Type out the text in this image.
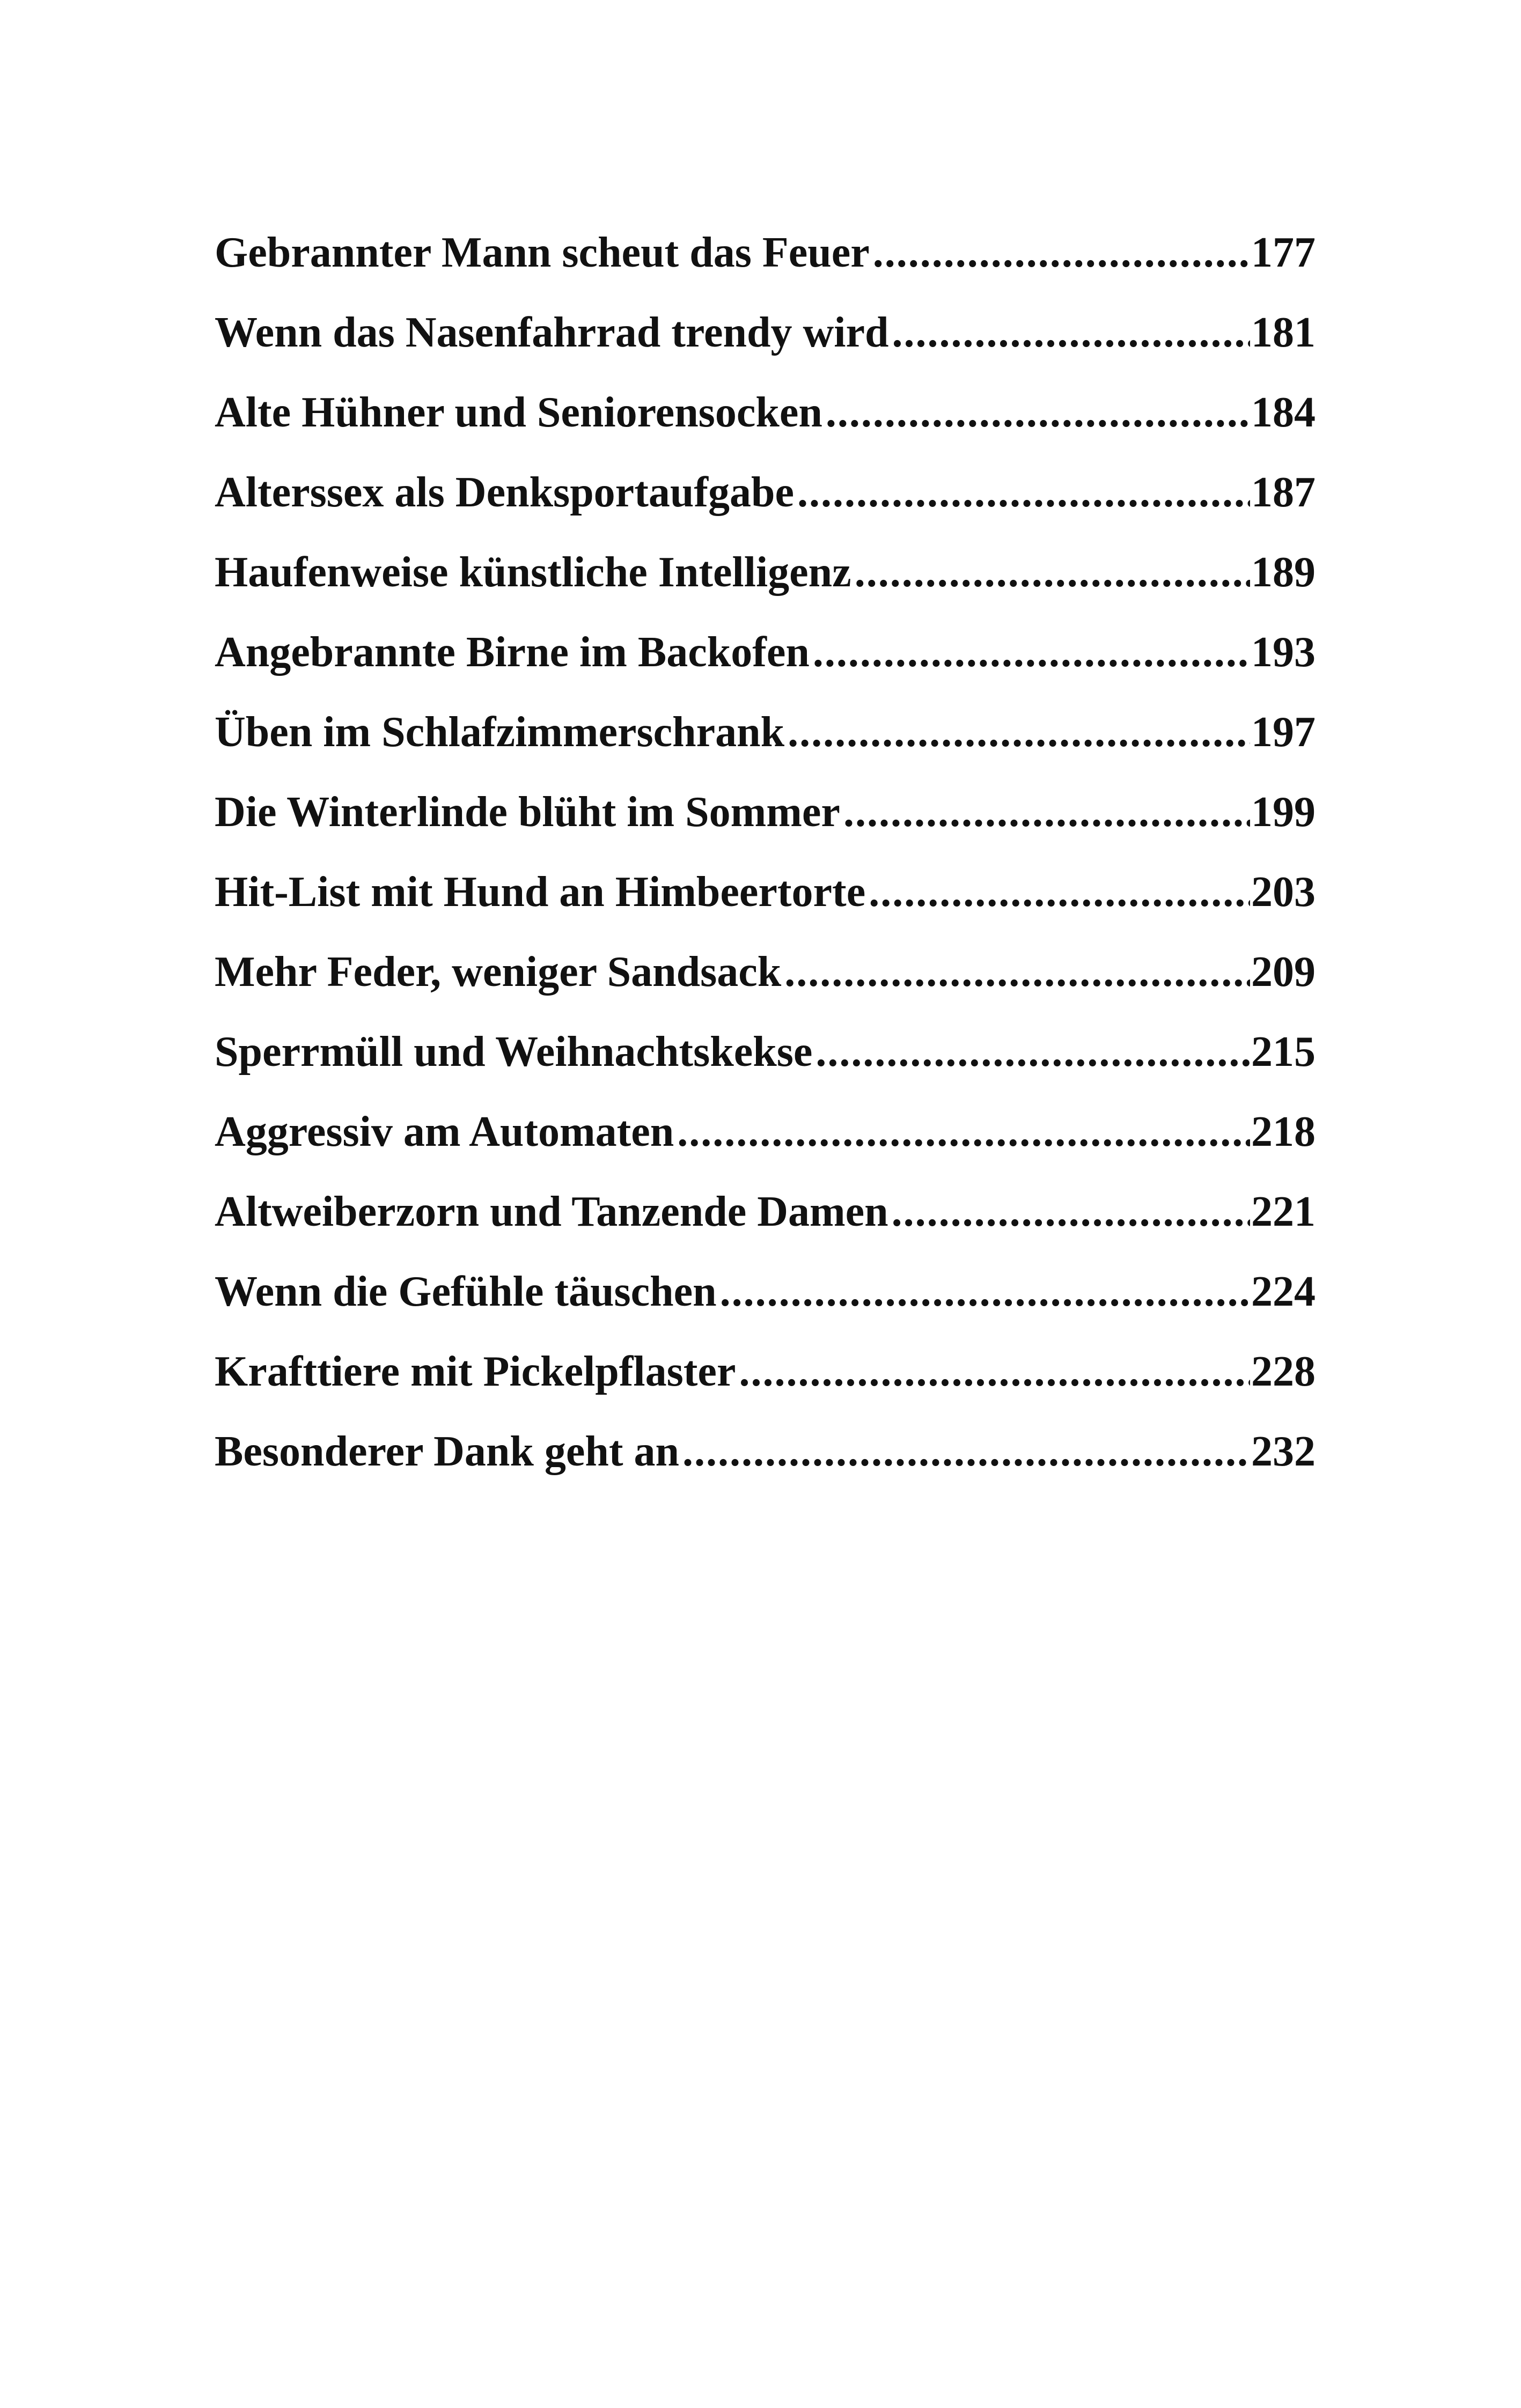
Gebrannter Mann scheut das Feuer .....	177
Wenn das Nasenfahrrad trendy wird .....	181
Alte Hühner und Seniorensocken .....	184
Alterssex als Denksportaufgabe .....	187
Haufenweise künstliche Intelligenz .....	189
Angebrannte Birne im Backofen .....	193
Üben im Schlafzimmerschrank .....	197
Die Winterlinde blüht im Sommer .....	199
Hit-List mit Hund an Himbeertorte .....	203
Mehr Feder, weniger Sandsack .....	209
Sperrmüll und Weihnachtskekse .....	215
Aggressiv am Automaten .....	218
Altweiberzorn und Tanzende Damen .....	221
Wenn die Gefühle täuschen .....	224
Krafttiere mit Pickelpflaster .....	228
Besonderer Dank geht an .....	232
